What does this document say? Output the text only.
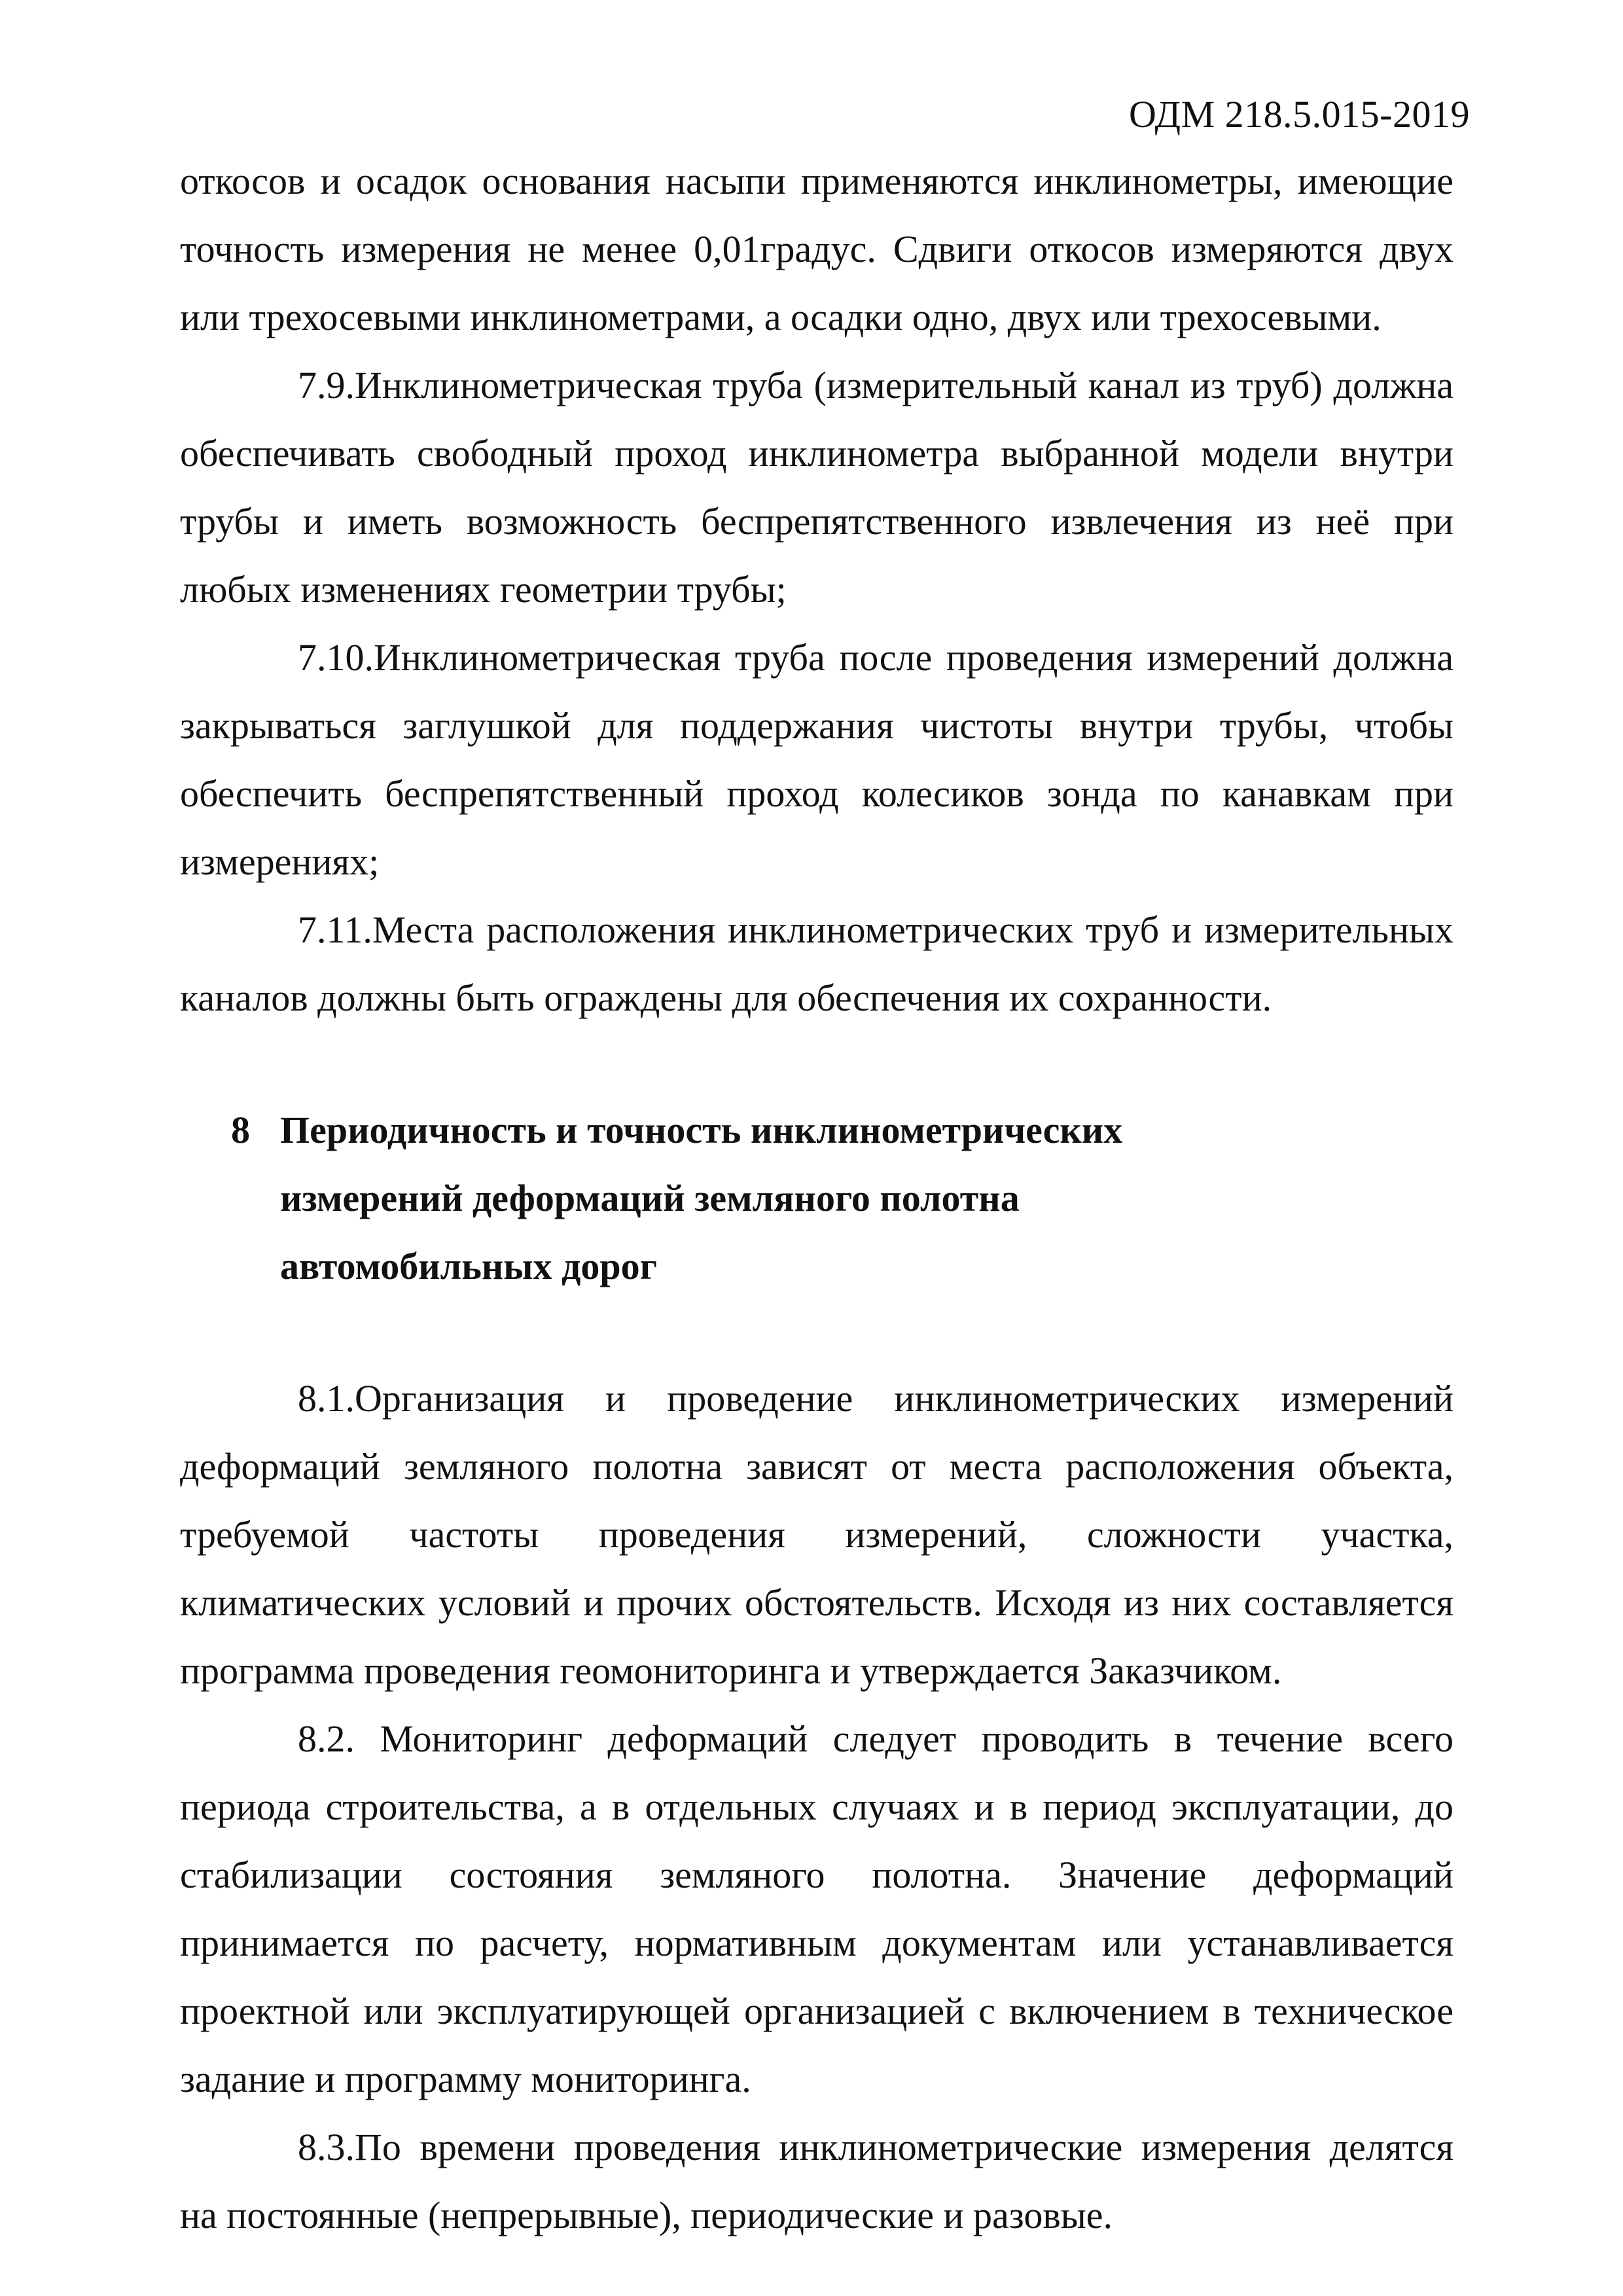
ОДМ 218.5.015-2019

откосов и осадок основания насыпи применяются инклинометры, имеющие точность измерения не менее 0,01градус. Сдвиги откосов измеряются двух или трехосевыми инклинометрами, а осадки одно, двух или трехосевыми.

7.9.Инклинометрическая труба (измерительный канал из труб) должна обеспечивать свободный проход инклинометра выбранной модели внутри трубы и иметь возможность беспрепятственного извлечения из неё при любых изменениях геометрии трубы;

7.10.Инклинометрическая труба после проведения измерений должна закрываться заглушкой для поддержания чистоты внутри трубы, чтобы обеспечить беспрепятственный проход колесиков зонда по канавкам при измерениях;

7.11.Места расположения инклинометрических труб и измерительных каналов должны быть ограждены для обеспечения их сохранности.

8 Периодичность и точность инклинометрических измерений деформаций земляного полотна автомобильных дорог

8.1.Организация и проведение инклинометрических измерений деформаций земляного полотна зависят от места расположения объекта, требуемой частоты проведения измерений, сложности участка, климатических условий и прочих обстоятельств. Исходя из них составляется программа проведения геомониторинга и утверждается Заказчиком.

8.2. Мониторинг деформаций следует проводить в течение всего периода строительства, а в отдельных случаях и в период эксплуатации, до стабилизации состояния земляного полотна. Значение деформаций принимается по расчету, нормативным документам или устанавливается проектной или эксплуатирующей организацией с включением в техническое задание и программу мониторинга.

8.3.По времени проведения инклинометрические измерения делятся на постоянные (непрерывные), периодические и разовые.
